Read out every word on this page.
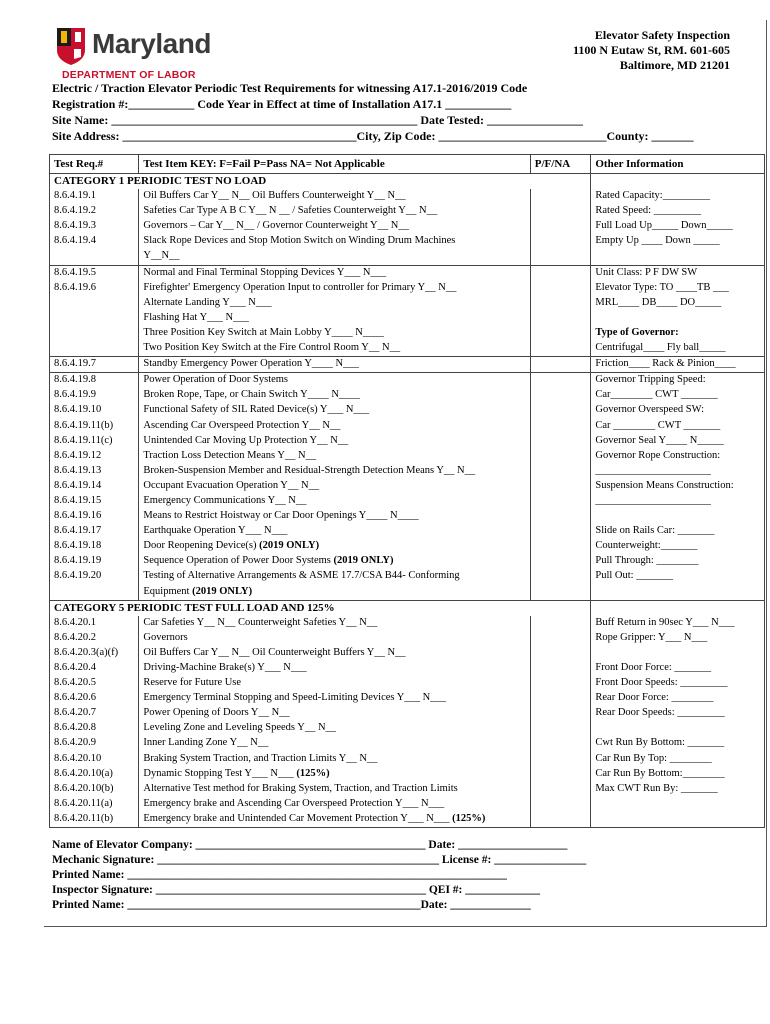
Maryland
DEPARTMENT OF LABOR
Elevator Safety Inspection
1100 N Eutaw St, RM. 601-605
Baltimore, MD 21201
Electric / Traction Elevator Periodic Test Requirements for witnessing A17.1-2016/2019 Code
Registration #:___________ Code Year in Effect at time of Installation A17.1 ___________
Site Name: ___________________________________________________ Date Tested: ________________
Site Address: _______________________________________City, Zip Code: ____________________________County: _______
Test Req.#	Test Item KEY: F=Fail P=Pass NA= Not Applicable	P/F/NA	Other Information
CATEGORY 1 PERIODIC TEST NO LOAD			
8.6.4.19.1	Oil Buffers Car Y__ N__ Oil Buffers Counterweight Y__ N__		Rated Capacity:_________
8.6.4.19.2	Safeties Car Type A B C Y__ N __ / Safeties Counterweight Y__ N__		Rated Speed: _________
8.6.4.19.3	Governors – Car Y__ N__ / Governor Counterweight Y__ N__		Full Load Up_____ Down_____
8.6.4.19.4	Slack Rope Devices and Stop Motion Switch on Winding Drum Machines		Empty Up ____ Down _____
	Y__N__		
8.6.4.19.5	Normal and Final Terminal Stopping Devices Y___ N___		Unit Class: P F DW SW
8.6.4.19.6	Firefighter' Emergency Operation Input to controller for Primary Y__ N__		Elevator Type: TO ____TB ___
	Alternate Landing Y___ N___		MRL____ DB____ DO_____
	Flashing Hat Y___ N___		
	Three Position Key Switch at Main Lobby Y____ N____		Type of Governor:
	Two Position Key Switch at the Fire Control Room Y__ N__		Centrifugal____ Fly ball_____
8.6.4.19.7	Standby Emergency Power Operation Y____ N___		Friction____ Rack & Pinion____
8.6.4.19.8	Power Operation of Door Systems		Governor Tripping Speed:
8.6.4.19.9	Broken Rope, Tape, or Chain Switch Y____ N____		Car________ CWT _______
8.6.4.19.10	Functional Safety of SIL Rated Device(s) Y___ N___		Governor Overspeed SW:
8.6.4.19.11(b)	Ascending Car Overspeed Protection Y__ N__		Car ________ CWT _______
8.6.4.19.11(c)	Unintended Car Moving Up Protection Y__ N__		Governor Seal Y____ N_____
8.6.4.19.12	Traction Loss Detection Means Y__ N__		Governor Rope Construction:
8.6.4.19.13	Broken-Suspension Member and Residual-Strength Detection Means Y__ N__		______________________
8.6.4.19.14	Occupant Evacuation Operation Y__ N__		Suspension Means Construction:
8.6.4.19.15	Emergency Communications Y__ N__		______________________
8.6.4.19.16	Means to Restrict Hoistway or Car Door Openings Y____ N____		
8.6.4.19.17	Earthquake Operation Y___ N___		Slide on Rails Car: _______
8.6.4.19.18	Door Reopening Device(s) (2019 ONLY)		Counterweight:_______
8.6.4.19.19	Sequence Operation of Power Door Systems (2019 ONLY)		Pull Through: ________
8.6.4.19.20	Testing of Alternative Arrangements & ASME 17.7/CSA B44- Conforming		Pull Out: _______
	Equipment (2019 ONLY)		
CATEGORY 5 PERIODIC TEST FULL LOAD AND 125%			
8.6.4.20.1	Car Safeties Y__ N__ Counterweight Safeties Y__ N__		Buff Return in 90sec Y___ N___
8.6.4.20.2	Governors		Rope Gripper: Y___ N___
8.6.4.20.3(a)(f)	Oil Buffers Car Y__ N__ Oil Counterweight Buffers Y__ N__		
8.6.4.20.4	Driving-Machine Brake(s) Y___ N___		Front Door Force: _______
8.6.4.20.5	Reserve for Future Use		Front Door Speeds: _________
8.6.4.20.6	Emergency Terminal Stopping and Speed-Limiting Devices Y___ N___		Rear Door Force: ________
8.6.4.20.7	Power Opening of Doors Y__ N__		Rear Door Speeds: _________
8.6.4.20.8	Leveling Zone and Leveling Speeds Y__ N__		
8.6.4.20.9	Inner Landing Zone Y__ N__		Cwt Run By Bottom: _______
8.6.4.20.10	Braking System Traction, and Traction Limits Y__ N__		Car Run By Top: ________
8.6.4.20.10(a)	Dynamic Stopping Test Y___ N___ (125%)		Car Run By Bottom:________
8.6.4.20.10(b)	Alternative Test method for Braking System, Traction, and Traction Limits		Max CWT Run By: _______
8.6.4.20.11(a)	Emergency brake and Ascending Car Overspeed Protection Y___ N___		
8.6.4.20.11(b)	Emergency brake and Unintended Car Movement Protection Y___ N___ (125%)		
Name of Elevator Company: ________________________________________ Date: ___________________
Mechanic Signature: _________________________________________________ License #: ________________
Printed Name: __________________________________________________________________
Inspector Signature: _______________________________________________ QEI #: _____________
Printed Name: ___________________________________________________Date: ______________
